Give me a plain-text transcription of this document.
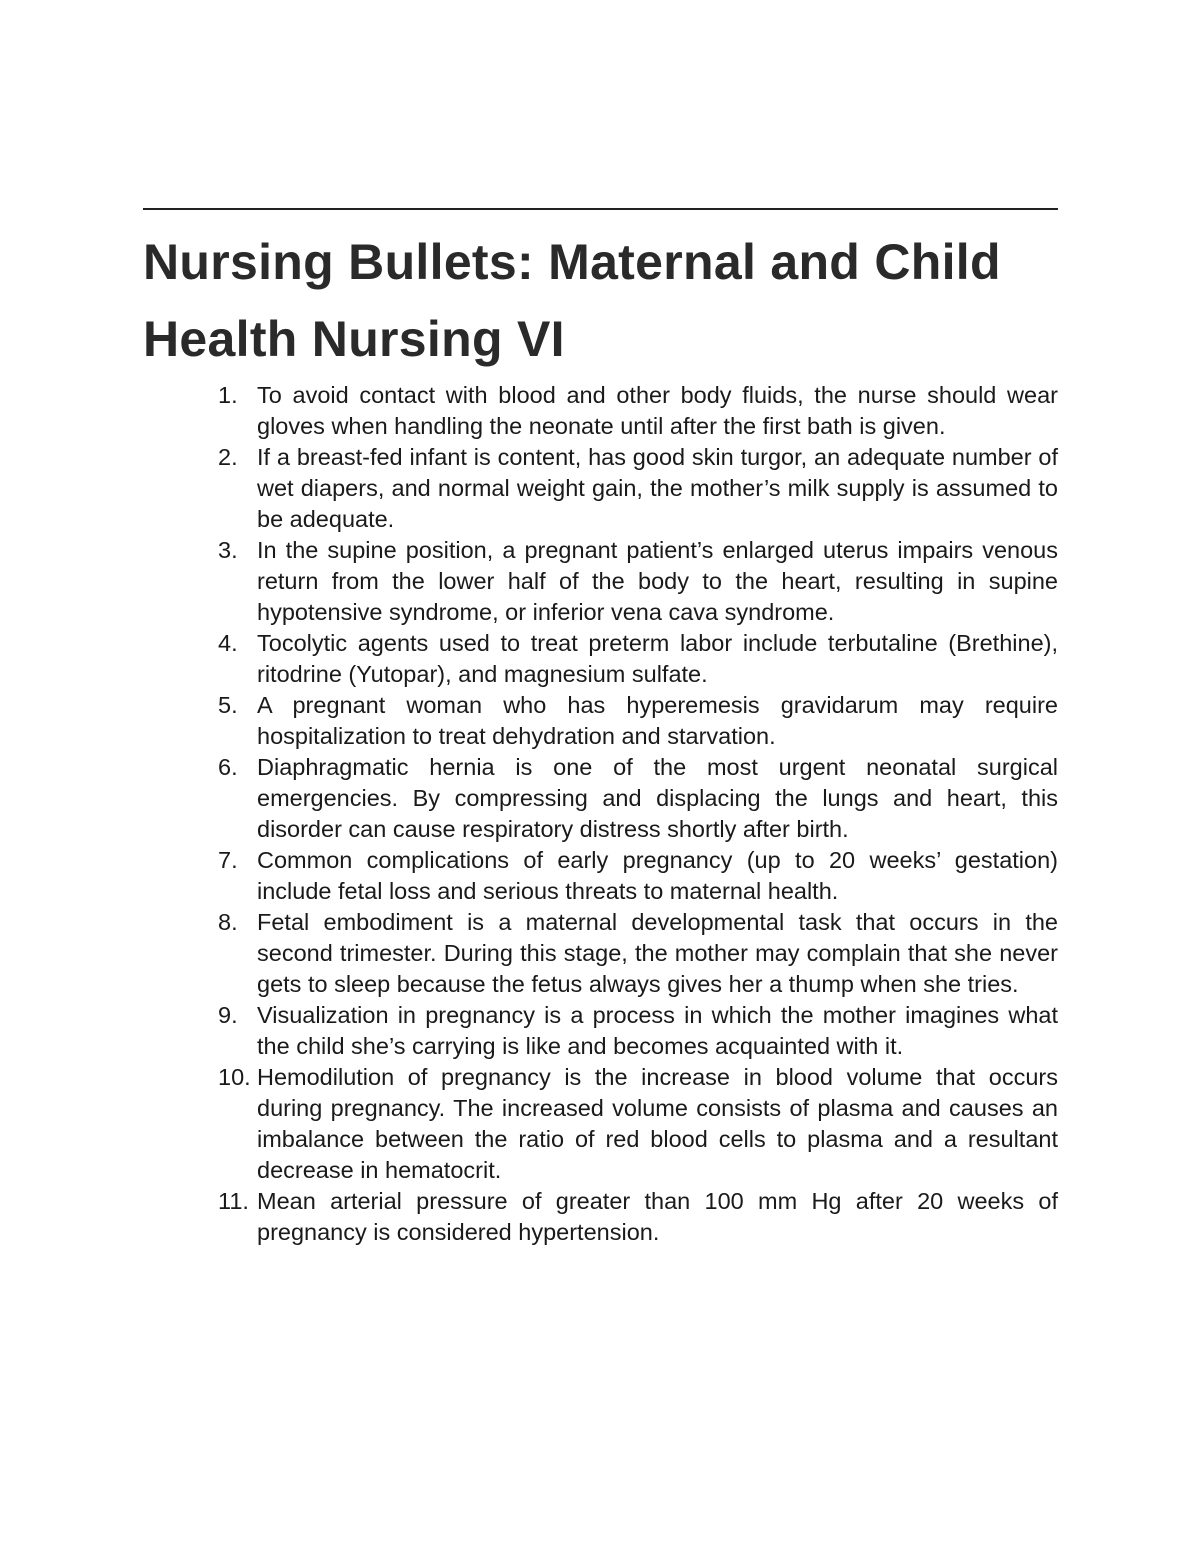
Nursing Bullets: Maternal and Child Health Nursing VI
1. To avoid contact with blood and other body fluids, the nurse should wear gloves when handling the neonate until after the first bath is given.
2. If a breast-fed infant is content, has good skin turgor, an adequate number of wet diapers, and normal weight gain, the mother’s milk supply is assumed to be adequate.
3. In the supine position, a pregnant patient’s enlarged uterus impairs venous return from the lower half of the body to the heart, resulting in supine hypotensive syndrome, or inferior vena cava syndrome.
4. Tocolytic agents used to treat preterm labor include terbutaline (Brethine), ritodrine (Yutopar), and magnesium sulfate.
5. A pregnant woman who has hyperemesis gravidarum may require hospitalization to treat dehydration and starvation.
6. Diaphragmatic hernia is one of the most urgent neonatal surgical emergencies. By compressing and displacing the lungs and heart, this disorder can cause respiratory distress shortly after birth.
7. Common complications of early pregnancy (up to 20 weeks’ gestation) include fetal loss and serious threats to maternal health.
8. Fetal embodiment is a maternal developmental task that occurs in the second trimester. During this stage, the mother may complain that she never gets to sleep because the fetus always gives her a thump when she tries.
9. Visualization in pregnancy is a process in which the mother imagines what the child she’s carrying is like and becomes acquainted with it.
10. Hemodilution of pregnancy is the increase in blood volume that occurs during pregnancy. The increased volume consists of plasma and causes an imbalance between the ratio of red blood cells to plasma and a resultant decrease in hematocrit.
11. Mean arterial pressure of greater than 100 mm Hg after 20 weeks of pregnancy is considered hypertension.
